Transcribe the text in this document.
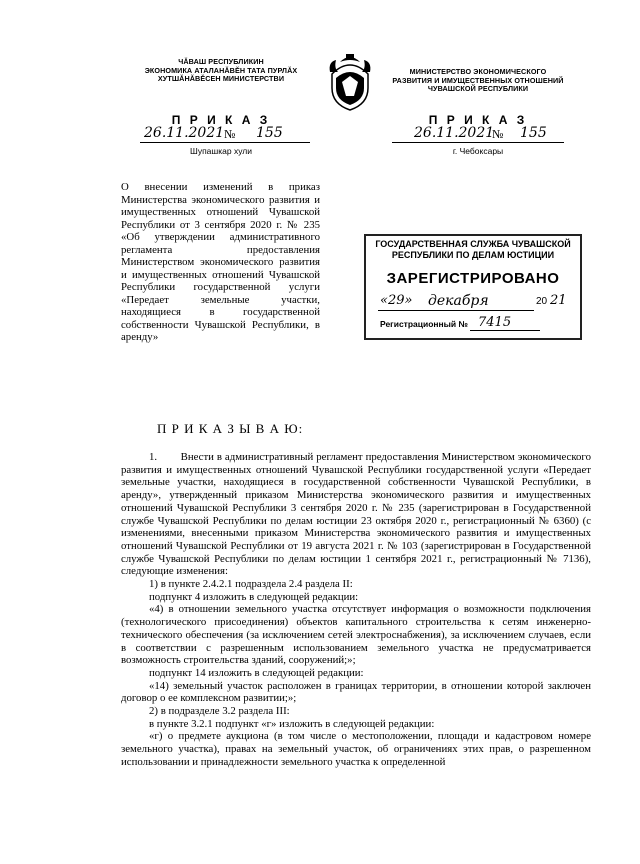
ЧĂВАШ РЕСПУБЛИКИН
ЭКОНОМИКА АТАЛАНĂВĔН ТАТА ПУРЛĂХ
ХУТШĂНĂВĔСЕН МИНИСТЕРСТВИ
П Р И К А З
26.11.2021 № 155
Шупашкар хули
МИНИСТЕРСТВО ЭКОНОМИЧЕСКОГО
РАЗВИТИЯ И ИМУЩЕСТВЕННЫХ ОТНОШЕНИЙ
ЧУВАШСКОЙ РЕСПУБЛИКИ
П Р И К А З
26.11.2021
№ 155
г. Чебоксары
О внесении изменений в приказ Министерства экономического развития и имущественных отношений Чувашской Республики от 3 сентября 2020 г. № 235 «Об утверждении административного регламента предоставления Министерством экономического развития и имущественных отношений Чувашской Республики государственной услуги «Передает земельные участки, находящиеся в государственной собственности Чувашской Республики, в аренду»
ГОСУДАРСТВЕННАЯ СЛУЖБА ЧУВАШСКОЙ
РЕСПУБЛИКИ ПО ДЕЛАМ ЮСТИЦИИ
ЗАРЕГИСТРИРОВАНО
«29» декабря	20 21
Регистрационный № 7415
П Р И К А З Ы В А Ю:

1.        Внести в административный регламент предоставления Министерством экономического развития и имущественных отношений Чувашской Республики государственной услуги «Передает земельные участки, находящиеся в государственной собственности Чувашской Республики, в аренду», утвержденный приказом Министерства экономического развития и имущественных отношений Чувашской Республики 3 сентября 2020 г. № 235 (зарегистрирован в Государственной службе Чувашской Республики по делам юстиции 23 октября 2020 г., регистрационный № 6360) (с изменениями, внесенными приказом Министерства экономического развития и имущественных отношений Чувашской Республики от 19 августа 2021 г. № 103 (зарегистрирован в Государственной службе Чувашской Республики по делам юстиции 1 сентября 2021 г., регистрационный № 7136), следующие изменения:

1) в пункте 2.4.2.1 подраздела 2.4 раздела II:

подпункт 4 изложить в следующей редакции:

«4) в отношении земельного участка отсутствует информация о возможности подключения (технологического присоединения) объектов капитального строительства к сетям инженерно-технического обеспечения (за исключением сетей электроснабжения), за исключением случаев, если в соответствии с разрешенным использованием земельного участка не предусматривается возможность строительства зданий, сооружений;»;

подпункт 14 изложить в следующей редакции:

«14) земельный участок расположен в границах территории, в отношении которой заключен договор о ее комплексном развитии;»;

2) в подразделе 3.2 раздела III:

в пункте 3.2.1 подпункт «г» изложить в следующей редакции:

«г) о предмете аукциона (в том числе о местоположении, площади и кадастровом номере земельного участка), правах на земельный участок, об ограничениях этих прав, о разрешенном использовании и принадлежности земельного участка к определенной
